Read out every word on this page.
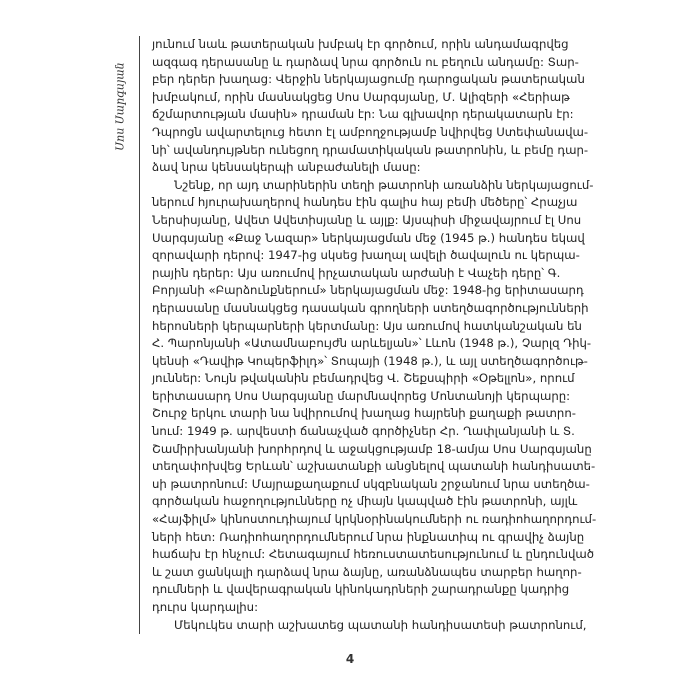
Սոս Սարգսյան
յունում նաև թատերական խմբակ էր գործում, որին անդամագրվեց
ազգագ դերասանը և դարձավ նրա գործուն ու բեղուն անդամը: Տար-
բեր դերեր խաղաց: Վերջին ներկայացումը դարոցական թատերական
խմբակում, որին մասնակցեց Սոս Սարգսյանը, Մ. Ալիզերի «Հերիաթ
ճշմարտության մասին» դրաման էր: Նա գլխավոր դերակատարն էր:
Դպրոցն ավարտելուց հետո էլ ամբողջությամբ նվիրվեց Ստեփանավա-
նի՝ ավանդույթներ ունեցող դրամատիկական թատրոնին, և բեմը դար-
ձավ նրա կենսակերպի անբաժանելի մասը:
Նշենք, որ այդ տարիներին տեղի թատրոնի առանձին ներկայացում-
ներում հյուրախաղերով հանդես էին գալիս հայ բեմի մեծերը՝ Հրաչյա
Ներսիսյանը, Ավետ Ավետիսյանը և այլք: Այսպիսի միջավայրում էլ Սոս
Սարգսյանը «Քաջ Նազար» ներկայացման մեջ (1945 թ.) հանդես եկավ
զորավարի դերով: 1947-ից սկսեց խաղալ ավելի ծավալուն ու կերպա-
րային դերեր: Այս առումով իրչատական արժանի է Վաչեի դերը՝ Գ.
Բորյանի «Բարձունքներում» ներկայացման մեջ: 1948-ից երիտասարդ
դերասանը մասնակցեց դասական գրողների ստեղծագործությունների
հերոսների կերպարների կերտմանը: Այս առումով հատկանշական են
Հ. Պարոնյանի «Ատամնաբույժն արևելյան»՝ Լևոն (1948 թ.), Չարլզ Դիկ-
կենսի «Դավիթ Կոպերֆիլդ»՝ Տոպայի (1948 թ.), և այլ ստեղծագործութ-
յուններ: Նույն թվականին բեմադրվեց Վ. Շեքսպիրի «Օթելլոն», որում
երիտասարդ Սոս Սարգսյանը մարմնավորեց Մոնտանոյի կերպարը:
Շուրջ երկու տարի նա նվիրումով խաղաց հայրենի քաղաքի թատրո-
նում: 1949 թ. արվեստի ճանաչված գործիչներ Հր. Ղափլանյանի և Տ.
Շամիրխանյանի խորհրդով և աջակցությամբ 18-ամյա Սոս Սարգսյանը
տեղափոխվեց Երևան՝ աշխատանքի անցնելով պատանի հանդիսատե-
սի թատրոնում: Մայրաքաղաքում սկզբնական շրջանում նրա ստեղծա-
գործական հաջողությունները ոչ միայն կապված էին թատրոնի, այլև
«Հայֆիլմ» կինոստուդիայում կրկնօրինակումների ու ռադիոհաղորդում-
ների հետ: Ռադիոհաղորդումներում նրա ինքնատիպ ու գրավիչ ձայնը
հաճախ էր հնչում: Հետագայում հեռուստատեսությունում և ընդունված
և շատ ցանկալի դարձավ նրա ձայնը, առանձնապես տարբեր հաղոր-
դումների և վավերագրական կինոկադրների շարադրանքը կադրից
դուրս կարդալիս:
Մեկուկես տարի աշխատեց պատանի հանդիսատեսի թատրոնում,
4
